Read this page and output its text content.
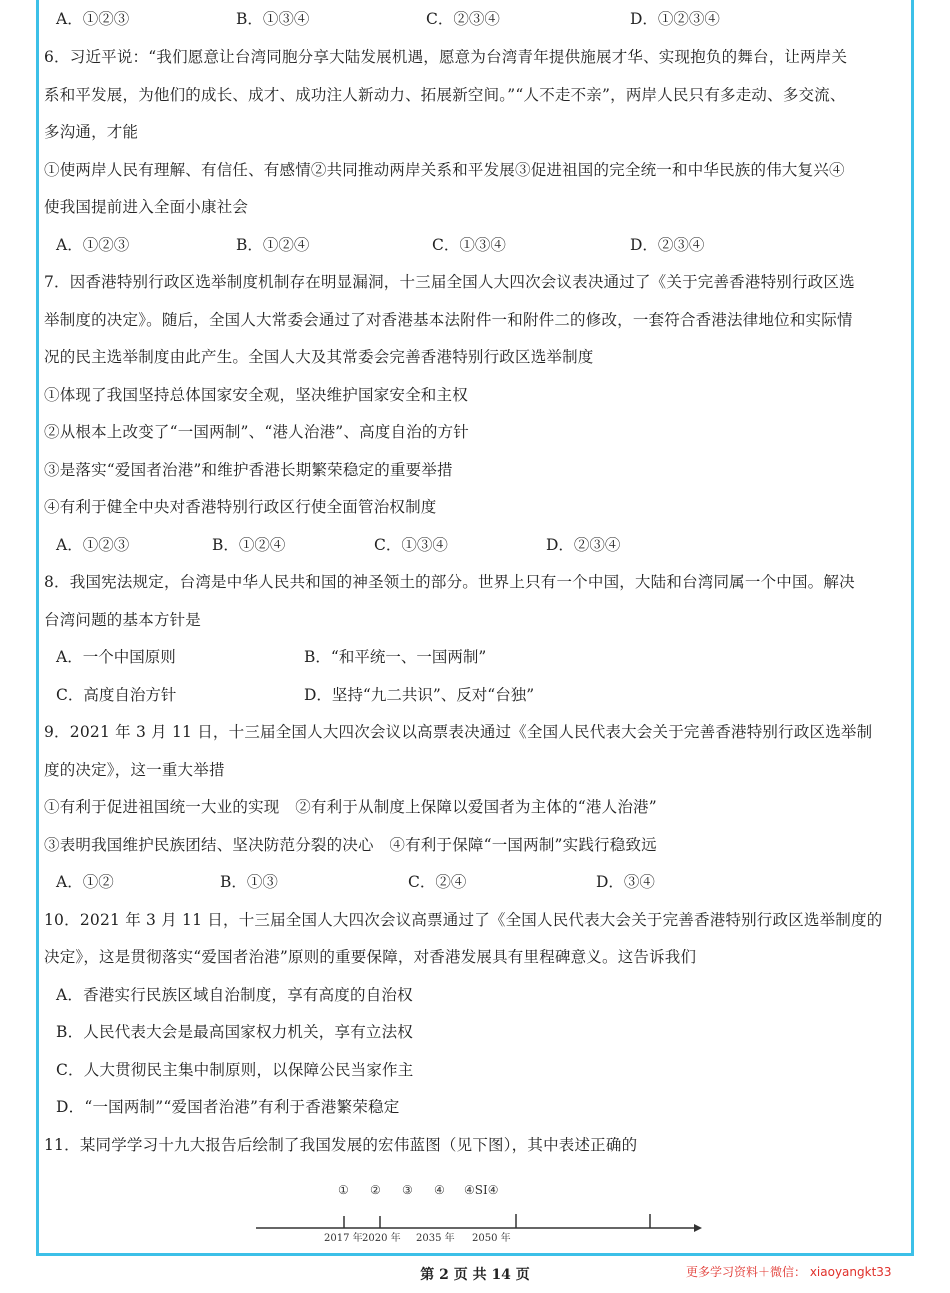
A．①②③	B．①③④	C．②③④	D．①②③④
6．习近平说：“我们愿意让台湾同胞分享大陆发展机遇，愿意为台湾青年提供施展才华、实现抱负的舞台，让两岸关
系和平发展，为他们的成长、成才、成功注人新动力、拓展新空间。”“人不走不亲”，两岸人民只有多走动、多交流、
多沟通，才能
①使两岸人民有理解、有信任、有感情②共同推动两岸关系和平发展③促进祖国的完全统一和中华民族的伟大复兴④
使我国提前进入全面小康社会
A．①②③	B．①②④	C．①③④	D．②③④
7．因香港特别行政区选举制度机制存在明显漏洞，十三届全国人大四次会议表决通过了《关于完善香港特别行政区选
举制度的决定》。随后，全国人大常委会通过了对香港基本法附件一和附件二的修改，一套符合香港法律地位和实际情
况的民主选举制度由此产生。全国人大及其常委会完善香港特别行政区选举制度
①体现了我国坚持总体国家安全观，坚决维护国家安全和主权
②从根本上改变了“一国两制”、“港人治港”、高度自治的方针
③是落实“爱国者治港”和维护香港长期繁荣稳定的重要举措
④有利于健全中央对香港特别行政区行使全面管治权制度
A．①②③	B．①②④	C．①③④	D．②③④
8．我国宪法规定，台湾是中华人民共和国的神圣领土的部分。世界上只有一个中国，大陆和台湾同属一个中国。解决
台湾问题的基本方针是
A．一个中国原则	B．“和平统一、一国两制”
C．高度自治方针	D．坚持“九二共识”、反对“台独”
9．2021 年 3 月 11 日，十三届全国人大四次会议以高票表决通过《全国人民代表大会关于完善香港特别行政区选举制
度的决定》，这一重大举措
①有利于促进祖国统一大业的实现　②有利于从制度上保障以爱国者为主体的“港人治港”
③表明我国维护民族团结、坚决防范分裂的决心　④有利于保障“一国两制”实践行稳致远
A．①②	B．①③	C．②④	D．③④
10．2021 年 3 月 11 日，十三届全国人大四次会议高票通过了《全国人民代表大会关于完善香港特别行政区选举制度的
决定》，这是贯彻落实“爱国者治港”原则的重要保障，对香港发展具有里程碑意义。这告诉我们
A．香港实行民族区域自治制度，享有高度的自治权
B．人民代表大会是最高国家权力机关，享有立法权
C．人大贯彻民主集中制原则，以保障公民当家作主
D．“一国两制”“爱国者治港”有利于香港繁荣稳定
11．某同学学习十九大报告后绘制了我国发展的宏伟蓝图（见下图），其中表述正确的
① ② ③ ④ ④SI④
2017 年 2020 年 2035 年 2050 年
第 2 页 共 14 页	更多学习资料＋微信： xiaoyangkt33
